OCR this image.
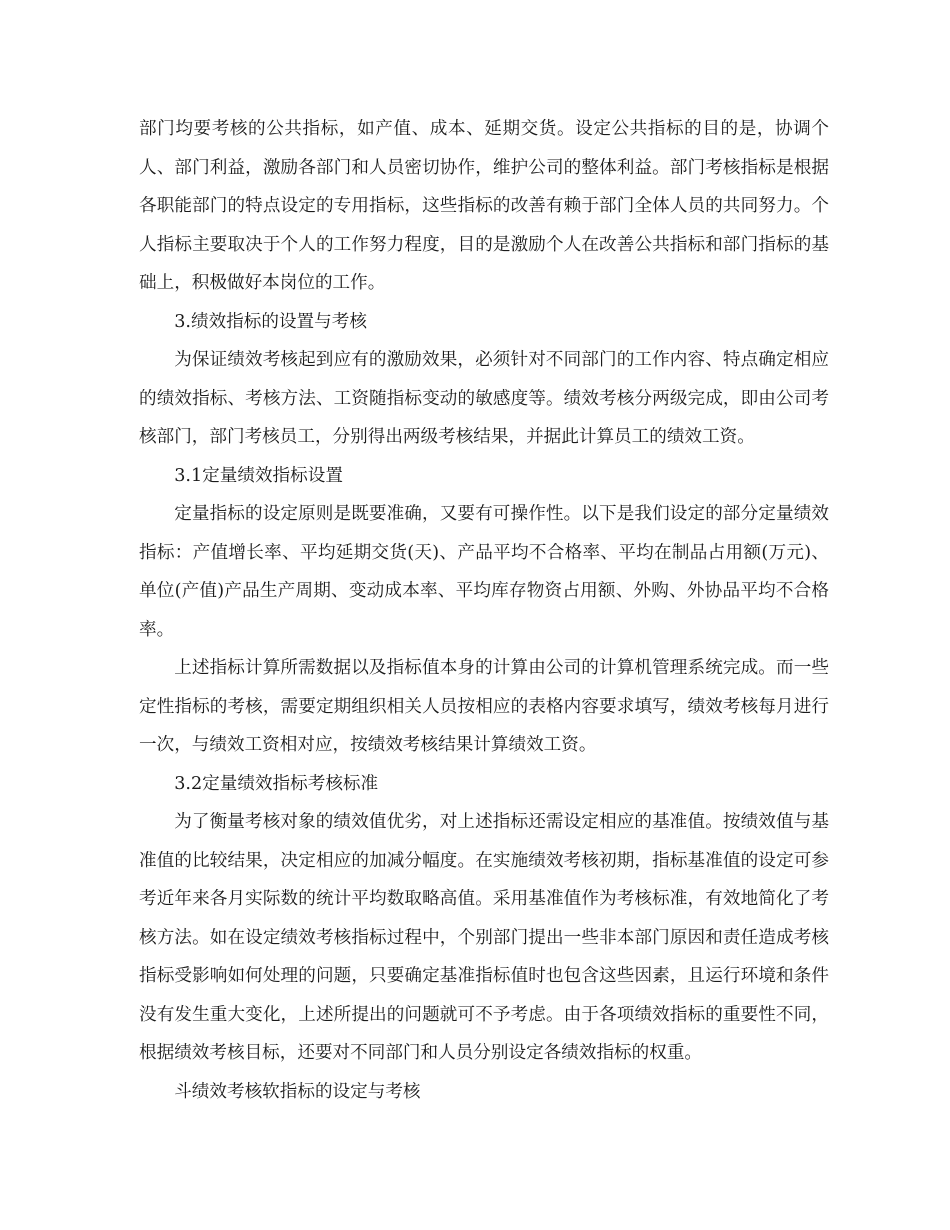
部门均要考核的公共指标，如产值、成本、延期交货。设定公共指标的目的是，协调个人、部门利益，激励各部门和人员密切协作，维护公司的整体利益。部门考核指标是根据各职能部门的特点设定的专用指标，这些指标的改善有赖于部门全体人员的共同努力。个人指标主要取决于个人的工作努力程度，目的是激励个人在改善公共指标和部门指标的基础上，积极做好本岗位的工作。

3.绩效指标的设置与考核

为保证绩效考核起到应有的激励效果，必须针对不同部门的工作内容、特点确定相应的绩效指标、考核方法、工资随指标变动的敏感度等。绩效考核分两级完成，即由公司考核部门，部门考核员工，分别得出两级考核结果，并据此计算员工的绩效工资。

3.1定量绩效指标设置

定量指标的设定原则是既要准确，又要有可操作性。以下是我们设定的部分定量绩效指标：产值增长率、平均延期交货(天)、产品平均不合格率、平均在制品占用额(万元)、单位(产值)产品生产周期、变动成本率、平均库存物资占用额、外购、外协品平均不合格率。

上述指标计算所需数据以及指标值本身的计算由公司的计算机管理系统完成。而一些定性指标的考核，需要定期组织相关人员按相应的表格内容要求填写，绩效考核每月进行一次，与绩效工资相对应，按绩效考核结果计算绩效工资。

3.2定量绩效指标考核标准

为了衡量考核对象的绩效值优劣，对上述指标还需设定相应的基准值。按绩效值与基准值的比较结果，决定相应的加减分幅度。在实施绩效考核初期，指标基准值的设定可参考近年来各月实际数的统计平均数取略高值。采用基准值作为考核标准，有效地简化了考核方法。如在设定绩效考核指标过程中，个别部门提出一些非本部门原因和责任造成考核指标受影响如何处理的问题，只要确定基准指标值时也包含这些因素，且运行环境和条件没有发生重大变化，上述所提出的问题就可不予考虑。由于各项绩效指标的重要性不同，根据绩效考核目标，还要对不同部门和人员分别设定各绩效指标的权重。

斗绩效考核软指标的设定与考核
